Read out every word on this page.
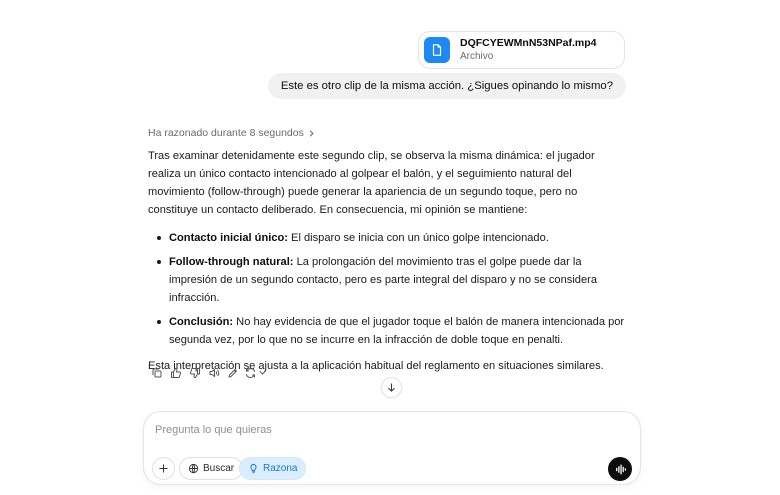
DQFCYEWMnN53NPaf.mp4
Archivo
Este es otro clip de la misma acción. ¿Sigues opinando lo mismo?
Ha razonado durante 8 segundos

Tras examinar detenidamente este segundo clip, se observa la misma dinámica: el jugador realiza un único contacto intencionado al golpear el balón, y el seguimiento natural del movimiento (follow-through) puede generar la apariencia de un segundo toque, pero no constituye un contacto deliberado. En consecuencia, mi opinión se mantiene:

Contacto inicial único: El disparo se inicia con un único golpe intencionado.
Follow-through natural: La prolongación del movimiento tras el golpe puede dar la impresión de un segundo contacto, pero es parte integral del disparo y no se considera infracción.
Conclusión: No hay evidencia de que el jugador toque el balón de manera intencionada por segunda vez, por lo que no se incurre en la infracción de doble toque en penalti.

Esta interpretación se ajusta a la aplicación habitual del reglamento en situaciones similares.

Pregunta lo que quieras
Buscar	Razona
